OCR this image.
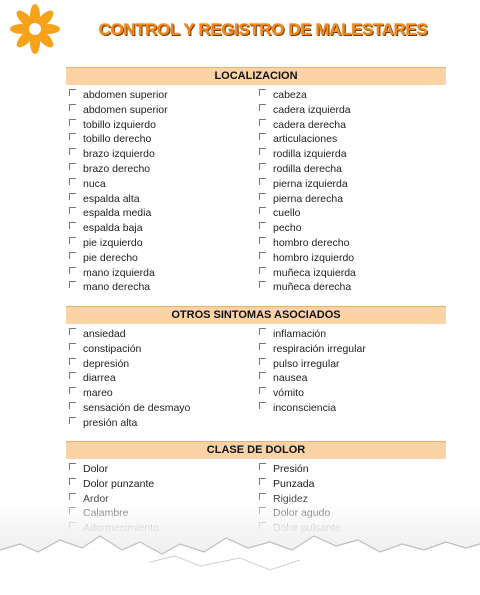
CONTROL Y REGISTRO DE MALESTARES
LOCALIZACION
abdomen superior
abdomen superior
tobillo izquierdo
tobillo derecho
brazo izquierdo
brazo derecho
nuca
espalda alta
espalda media
espalda baja
pie izquierdo
pie derecho
mano izquierda
mano derecha
cabeza
cadera izquierda
cadera derecha
articulaciones
rodilla izquierda
rodilla derecha
pierna izquierda
pierna derecha
cuello
pecho
hombro derecho
hombro izquierdo
muñeca izquierda
muñeca derecha
OTROS SINTOMAS ASOCIADOS
ansiedad
constipación
depresión
diarrea
mareo
sensación de desmayo
presión alta
inflamación
respiración irregular
pulso irregular
nausea
vómito
inconsciencia
CLASE DE DOLOR
Dolor
Dolor punzante
Presión
Punzada
